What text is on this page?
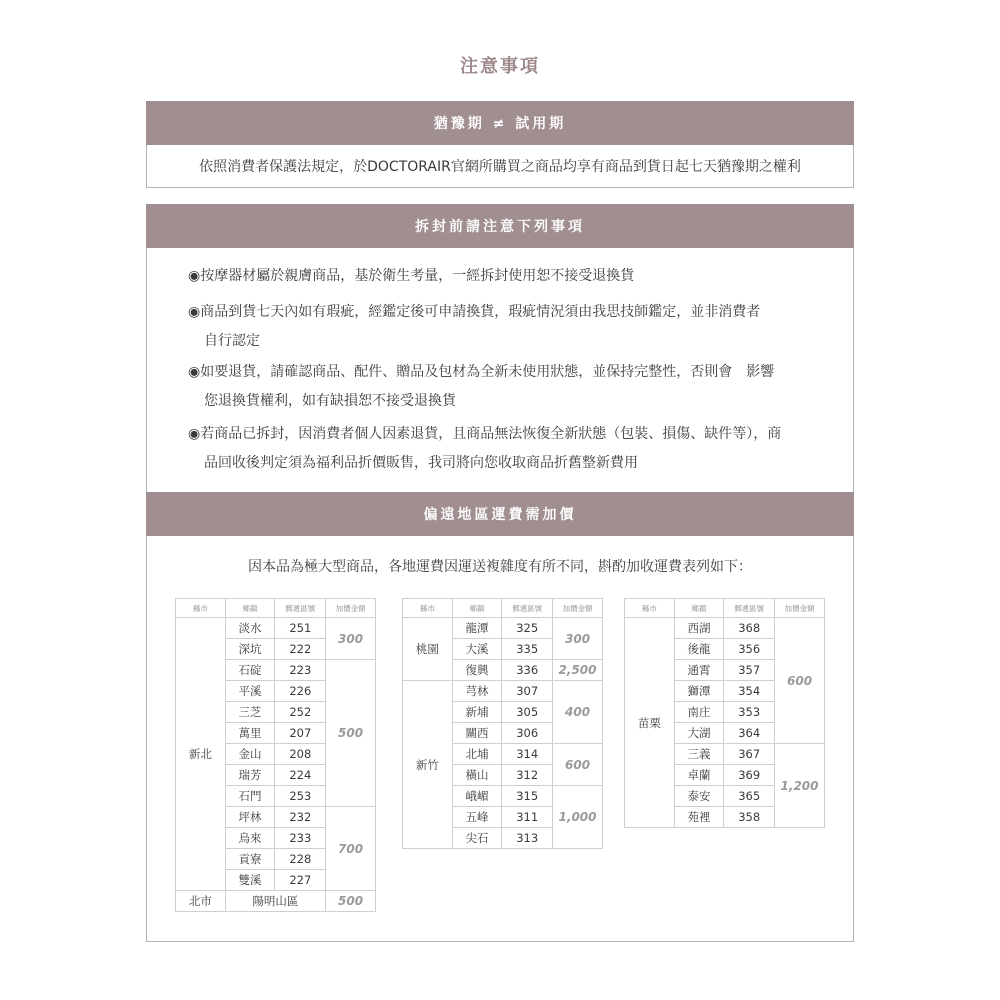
注意事項
猶豫期 ≠ 試用期
依照消費者保護法規定，於DOCTORAIR官網所購買之商品均享有商品到貨日起七天猶豫期之權利
拆封前請注意下列事項
◉按摩器材屬於親膚商品，基於衛生考量，一經拆封使用恕不接受退換貨
◉商品到貨七天內如有瑕疵，經鑑定後可申請換貨，瑕疵情況須由我思技師鑑定，並非消費者
自行認定
◉如要退貨，請確認商品、配件、贈品及包材為全新未使用狀態，並保持完整性，否則會　影響
您退換貨權利，如有缺損恕不接受退換貨
◉若商品已拆封，因消費者個人因素退貨，且商品無法恢復全新狀態（包裝、損傷、缺件等），商
品回收後判定須為福利品折價販售，我司將向您收取商品折舊整新費用
偏遠地區運費需加價
因本品為極大型商品，各地運費因運送複雜度有所不同，斟酌加收運費表列如下：
縣市	鄉鎮	郵遞區號	加價金額
新北	淡水	251	300
	深坑	222	
	石碇	223	500
	平溪	226	
	三芝	252	
	萬里	207	
	金山	208	
	瑞芳	224	
	石門	253	
	坪林	232	700
	烏來	233	
	貢寮	228	
	雙溪	227	
北市	陽明山區		500
縣市	鄉鎮	郵遞區號	加價金額
桃園	龍潭	325	300
	大溪	335	
	復興	336	2,500
新竹	芎林	307	400
	新埔	305	
	關西	306	
	北埔	314	600
	橫山	312	
	峨嵋	315	1,000
	五峰	311	
	尖石	313	
縣市	鄉鎮	郵遞區號	加價金額
苗栗	西湖	368	600
	後龍	356	
	通霄	357	
	獅潭	354	
	南庄	353	
	大湖	364	
	三義	367	1,200
	卓蘭	369	
	泰安	365	
	苑裡	358	
